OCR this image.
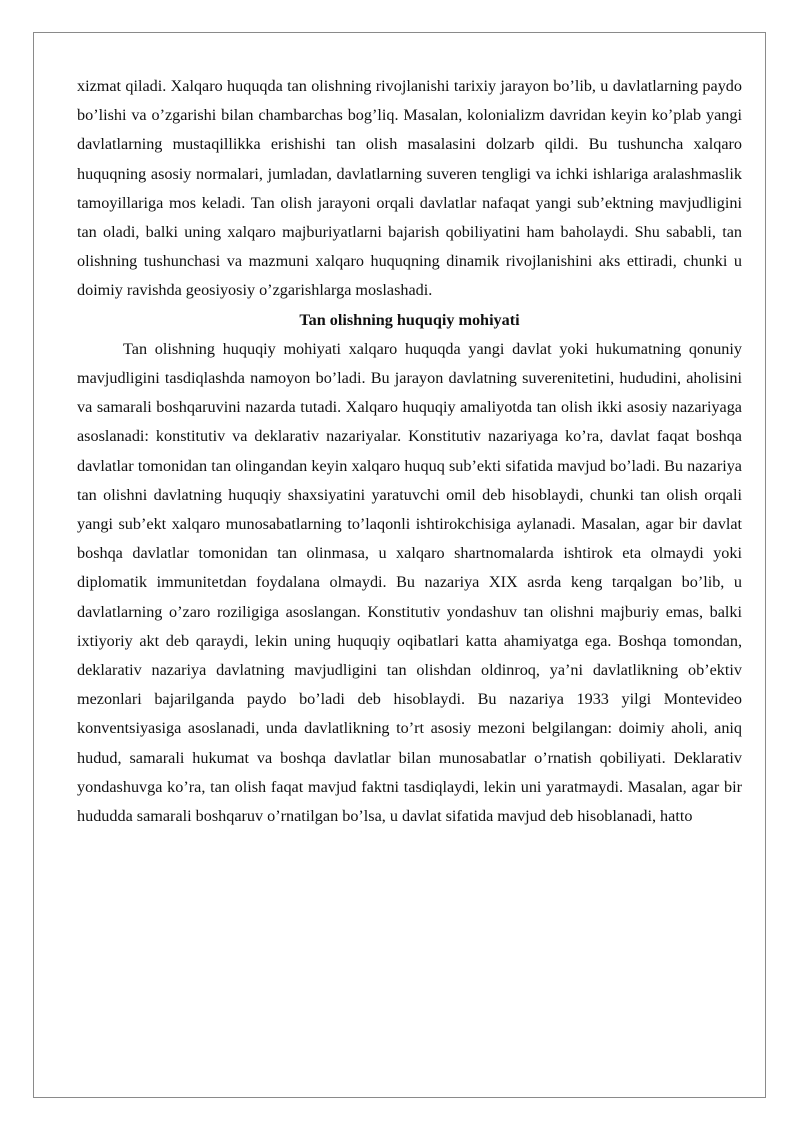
xizmat qiladi. Xalqaro huquqda tan olishning rivojlanishi tarixiy jarayon bo’lib, u davlatlarning paydo bo’lishi va o’zgarishi bilan chambarchas bog’liq. Masalan, kolonializm davridan keyin ko’plab yangi davlatlarning mustaqillikka erishishi tan olish masalasini dolzarb qildi. Bu tushuncha xalqaro huquqning asosiy normalari, jumladan, davlatlarning suveren tengligi va ichki ishlariga aralashmaslik tamoyillariga mos keladi. Tan olish jarayoni orqali davlatlar nafaqat yangi sub’ektning mavjudligini tan oladi, balki uning xalqaro majburiyatlarni bajarish qobiliyatini ham baholaydi. Shu sababli, tan olishning tushunchasi va mazmuni xalqaro huquqning dinamik rivojlanishini aks ettiradi, chunki u doimiy ravishda geosiyosiy o’zgarishlarga moslashadi.

Tan olishning huquqiy mohiyati

Tan olishning huquqiy mohiyati xalqaro huquqda yangi davlat yoki hukumatning qonuniy mavjudligini tasdiqlashda namoyon bo’ladi. Bu jarayon davlatning suverenitetini, hududini, aholisini va samarali boshqaruvini nazarda tutadi. Xalqaro huquqiy amaliyotda tan olish ikki asosiy nazariyaga asoslanadi: konstitutiv va deklarativ nazariyalar. Konstitutiv nazariyaga ko’ra, davlat faqat boshqa davlatlar tomonidan tan olingandan keyin xalqaro huquq sub’ekti sifatida mavjud bo’ladi. Bu nazariya tan olishni davlatning huquqiy shaxsiyatini yaratuvchi omil deb hisoblaydi, chunki tan olish orqali yangi sub’ekt xalqaro munosabatlarning to’laqonli ishtirokchisiga aylanadi. Masalan, agar bir davlat boshqa davlatlar tomonidan tan olinmasa, u xalqaro shartnomalarda ishtirok eta olmaydi yoki diplomatik immunitetdan foydalana olmaydi. Bu nazariya XIX asrda keng tarqalgan bo’lib, u davlatlarning o’zaro roziligiga asoslangan. Konstitutiv yondashuv tan olishni majburiy emas, balki ixtiyoriy akt deb qaraydi, lekin uning huquqiy oqibatlari katta ahamiyatga ega. Boshqa tomondan, deklarativ nazariya davlatning mavjudligini tan olishdan oldinroq, ya’ni davlatlikning ob’ektiv mezonlari bajarilganda paydo bo’ladi deb hisoblaydi. Bu nazariya 1933 yilgi Montevideo konventsiyasiga asoslanadi, unda davlatlikning to’rt asosiy mezoni belgilangan: doimiy aholi, aniq hudud, samarali hukumat va boshqa davlatlar bilan munosabatlar o’rnatish qobiliyati. Deklarativ yondashuvga ko’ra, tan olish faqat mavjud faktni tasdiqlaydi, lekin uni yaratmaydi. Masalan, agar bir hududda samarali boshqaruv o’rnatilgan bo’lsa, u davlat sifatida mavjud deb hisoblanadi, hatto
